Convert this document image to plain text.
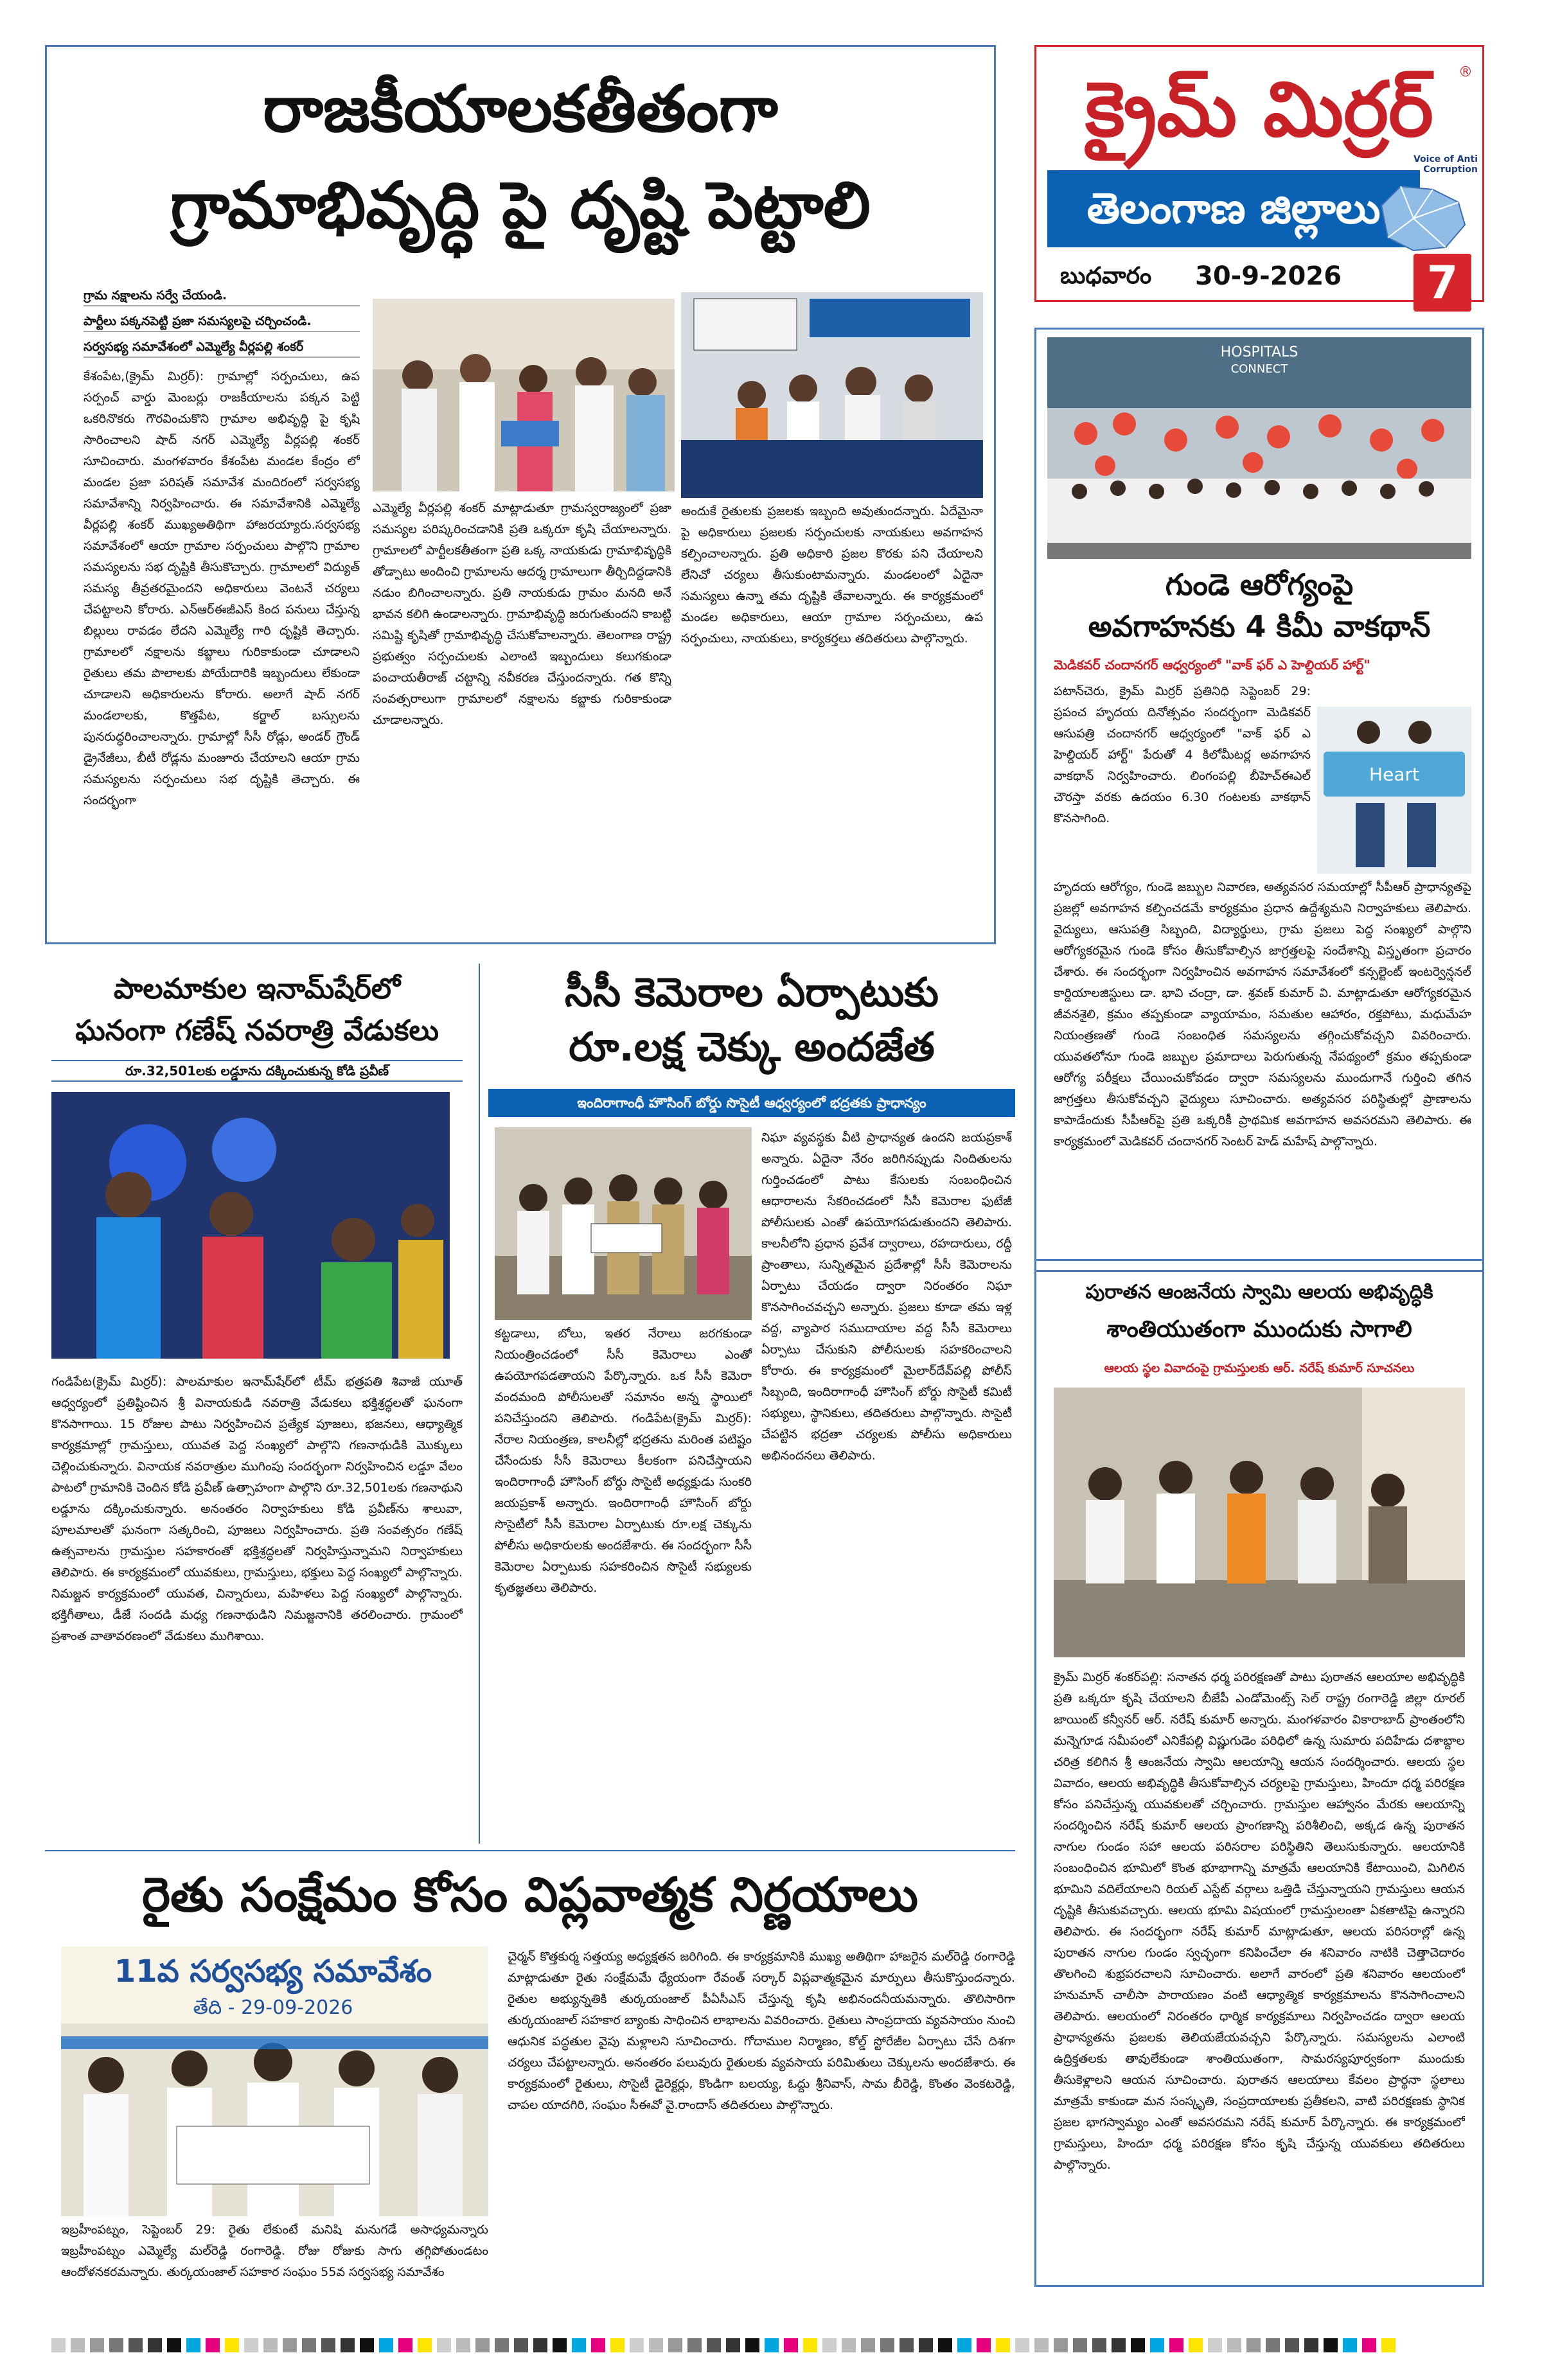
రాజకీయాలకతీతంగా
గ్రామాభివృద్ధి పై దృష్టి పెట్టాలి
గ్రామ నక్షాలను సర్వే చేయండి.
పార్టీలు పక్కనపెట్టి ప్రజా సమస్యలపై చర్చించండి.
సర్వసభ్య సమావేశంలో ఎమ్మెల్యే వీర్లపల్లి శంకర్
కేశంపేట,(క్రైమ్ మిర్రర్): గ్రామాల్లో సర్పంచులు, ఉప సర్పంచ్ వార్డు మెంబర్లు రాజకీయాలను పక్కన పెట్టి ఒకరినొకరు గౌరవించుకొని గ్రామాల అభివృద్ధి పై కృషి సారించాలని షాద్ నగర్ ఎమ్మెల్యే వీర్లపల్లి శంకర్ సూచించారు. మంగళవారం కేశంపేట మండల కేంద్రం లో మండల ప్రజా పరిషత్ సమావేశ మందిరంలో సర్వసభ్య సమావేశాన్ని నిర్వహించారు. ఈ సమావేశానికి ఎమ్మెల్యే వీర్లపల్లి శంకర్ ముఖ్యఅతిథిగా హాజరయ్యారు.సర్వసభ్య సమావేశంలో ఆయా గ్రామాల సర్పంచులు పాల్గొని గ్రామాల సమస్యలను సభ దృష్టికి తీసుకొచ్చారు. గ్రామాలలో విద్యుత్ సమస్య తీవ్రతరమైందని అధికారులు వెంటనే చర్యలు చేపట్టాలని కోరారు. ఎన్ఆర్ఈజీఎస్ కింద పనులు చేస్తున్న బిల్లులు రావడం లేదని ఎమ్మెల్యే గారి దృష్టికి తెచ్చారు. గ్రామాలలో నక్షాలను కబ్జాలు గురికాకుండా చూడాలని రైతులు తమ పొలాలకు పోయేదారికి ఇబ్బందులు లేకుండా చూడాలని అధికారులను కోరారు. అలాగే షాద్ నగర్ మండలాలకు, కొత్తపేట, కర్జాల్ బస్సులను పునరుద్ధరించాలన్నారు. గ్రామాల్లో సీసీ రోడ్లు, అండర్ గ్రౌండ్ డ్రైనేజీలు, బీటీ రోడ్లను మంజూరు చేయాలని ఆయా గ్రామ సమస్యలను సర్పంచులు సభ దృష్టికి తెచ్చారు. ఈ సందర్భంగా
ఎమ్మెల్యే వీర్లపల్లి శంకర్ మాట్లాడుతూ గ్రామస్వరాజ్యంలో ప్రజా సమస్యల పరిష్కరించడానికి ప్రతి ఒక్కరూ కృషి చేయాలన్నారు. గ్రామాలలో పార్టీలకతీతంగా ప్రతి ఒక్క నాయకుడు గ్రామాభివృద్ధికి తోడ్పాటు అందించి గ్రామాలను ఆదర్శ గ్రామాలుగా తీర్చిదిద్దడానికి నడుం బిగించాలన్నారు. ప్రతి నాయకుడు గ్రామం మనది అనే భావన కలిగి ఉండాలన్నారు. గ్రామాభివృద్ధి జరుగుతుందని కాబట్టి సమిష్టి కృషితో గ్రామాభివృద్ధి చేసుకోవాలన్నారు. తెలంగాణ రాష్ట్ర ప్రభుత్వం సర్పంచులకు ఎలాంటి ఇబ్బందులు కలుగకుండా పంచాయతీరాజ్ చట్టాన్ని నవీకరణ చేస్తుందన్నారు. గత కొన్ని సంవత్సరాలుగా గ్రామాలలో నక్షాలను కబ్జాకు గురికాకుండా చూడాలన్నారు.
అందుకే రైతులకు ప్రజలకు ఇబ్బంది అవుతుందన్నారు. ఏదేమైనా పై అధికారులు ప్రజలకు సర్పంచులకు నాయకులు అవగాహన కల్పించాలన్నారు. ప్రతి అధికారి ప్రజల కొరకు పని చేయాలని లేనిచో చర్యలు తీసుకుంటామన్నారు. మండలంలో ఏదైనా సమస్యలు ఉన్నా తమ దృష్టికి తేవాలన్నారు. ఈ కార్యక్రమంలో మండల అధికారులు, ఆయా గ్రామాల సర్పంచులు, ఉప సర్పంచులు, నాయకులు, కార్యకర్తలు తదితరులు పాల్గొన్నారు.
క్రైమ్ మిర్రర్	®
Voice of Anti Corruption
తెలంగాణ జిల్లాలు
బుధవారం	30-9-2026	7
HOSPITALS
CONNECT
గుండె ఆరోగ్యంపై
అవగాహనకు 4 కిమీ వాకథాన్
మెడికవర్ చందానగర్ ఆధ్వర్యంలో "వాక్ ఫర్ ఎ హెల్దియర్ హార్ట్"
పటాన్‌చెరు, క్రైమ్ మిర్రర్ ప్రతినిధి సెప్టెంబర్ 29: ప్రపంచ హృదయ దినోత్సవం సందర్భంగా మెడికవర్ ఆసుపత్రి చందానగర్ ఆధ్వర్యంలో "వాక్ ఫర్ ఎ హెల్దియర్ హార్ట్" పేరుతో 4 కిలోమీటర్ల అవగాహన వాకథాన్ నిర్వహించారు. లింగంపల్లి బీహెచ్ఈఎల్ చౌరస్తా వరకు ఉదయం 6.30 గంటలకు వాకథాన్ కొనసాగింది.
Heart
హృదయ ఆరోగ్యం, గుండె జబ్బుల నివారణ, అత్యవసర సమయాల్లో సీపీఆర్ ప్రాధాన్యతపై ప్రజల్లో అవగాహన కల్పించడమే కార్యక్రమం ప్రధాన ఉద్దేశ్యమని నిర్వాహకులు తెలిపారు. వైద్యులు, ఆసుపత్రి సిబ్బంది, విద్యార్థులు, గ్రామ ప్రజలు పెద్ద సంఖ్యలో పాల్గొని ఆరోగ్యకరమైన గుండె కోసం తీసుకోవాల్సిన జాగ్రత్తలపై సందేశాన్ని విస్తృతంగా ప్రచారం చేశారు. ఈ సందర్భంగా నిర్వహించిన అవగాహన సమావేశంలో కన్సల్టెంట్ ఇంటర్వెన్షనల్ కార్డియాలజిస్టులు డా. భావి చంద్రా, డా. శ్రవణ్ కుమార్ వి. మాట్లాడుతూ ఆరోగ్యకరమైన జీవనశైలి, క్రమం తప్పకుండా వ్యాయామం, సమతుల ఆహారం, రక్తపోటు, మధుమేహ నియంత్రణతో గుండె సంబంధిత సమస్యలను తగ్గించుకోవచ్చని వివరించారు. యువతలోనూ గుండె జబ్బుల ప్రమాదాలు పెరుగుతున్న నేపథ్యంలో క్రమం తప్పకుండా ఆరోగ్య పరీక్షలు చేయించుకోవడం ద్వారా సమస్యలను ముందుగానే గుర్తించి తగిన జాగ్రత్తలు తీసుకోవచ్చని వైద్యులు సూచించారు. అత్యవసర పరిస్థితుల్లో ప్రాణాలను కాపాడేందుకు సీపీఆర్‌పై ప్రతి ఒక్కరికీ ప్రాథమిక అవగాహన అవసరమని తెలిపారు. ఈ కార్యక్రమంలో మెడికవర్ చందానగర్ సెంటర్ హెడ్ మహేష్ పాల్గొన్నారు.
పురాతన ఆంజనేయ స్వామి ఆలయ అభివృద్ధికి
శాంతియుతంగా ముందుకు సాగాలి
ఆలయ స్థల వివాదంపై గ్రామస్తులకు ఆర్. నరేష్ కుమార్ సూచనలు
క్రైమ్ మిర్రర్ శంకర్‌పల్లి: సనాతన ధర్మ పరిరక్షణతో పాటు పురాతన ఆలయాల అభివృద్ధికి ప్రతి ఒక్కరూ కృషి చేయాలని బీజేపీ ఎండోమెంట్స్ సెల్ రాష్ట్ర రంగారెడ్డి జిల్లా రూరల్ జాయింట్ కన్వీనర్ ఆర్. నరేష్ కుమార్ అన్నారు. మంగళవారం వికారాబాద్ ప్రాంతంలోని మన్నెగూడ సమీపంలో ఎనికేపల్లి విష్ణుగుడెం పరిధిలో ఉన్న సుమారు పదిహేడు దశాబ్దాల చరిత్ర కలిగిన శ్రీ ఆంజనేయ స్వామి ఆలయాన్ని ఆయన సందర్శించారు. ఆలయ స్థల వివాదం, ఆలయ అభివృద్ధికి తీసుకోవాల్సిన చర్యలపై గ్రామస్తులు, హిందూ ధర్మ పరిరక్షణ కోసం పనిచేస్తున్న యువకులతో చర్చించారు. గ్రామస్తుల ఆహ్వానం మేరకు ఆలయాన్ని సందర్శించిన నరేష్ కుమార్ ఆలయ ప్రాంగణాన్ని పరిశీలించి, అక్కడ ఉన్న పురాతన నాగుల గుండం సహా ఆలయ పరిసరాల పరిస్థితిని తెలుసుకున్నారు. ఆలయానికి సంబంధించిన భూమిలో కొంత భూభాగాన్ని మాత్రమే ఆలయానికి కేటాయించి, మిగిలిన భూమిని వదిలేయాలని రియల్ ఎస్టేట్ వర్గాలు ఒత్తిడి చేస్తున్నాయని గ్రామస్తులు ఆయన దృష్టికి తీసుకువచ్చారు. ఆలయ భూమి విషయంలో గ్రామస్తులంతా ఏకతాటిపై ఉన్నారని తెలిపారు. ఈ సందర్భంగా నరేష్ కుమార్ మాట్లాడుతూ, ఆలయ పరిసరాల్లో ఉన్న పురాతన నాగుల గుండం స్వచ్ఛంగా కనిపించేలా ఈ శనివారం నాటికి చెత్తాచెదారం తొలగించి శుభ్రపరచాలని సూచించారు. అలాగే వారంలో ప్రతి శనివారం ఆలయంలో హనుమాన్ చాలీసా పారాయణం వంటి ఆధ్యాత్మిక కార్యక్రమాలను కొనసాగించాలని తెలిపారు. ఆలయంలో నిరంతరం ధార్మిక కార్యక్రమాలు నిర్వహించడం ద్వారా ఆలయ ప్రాధాన్యతను ప్రజలకు తెలియజేయవచ్చని పేర్కొన్నారు. సమస్యలను ఎలాంటి ఉద్రిక్తతలకు తావులేకుండా శాంతియుతంగా, సామరస్యపూర్వకంగా ముందుకు తీసుకెళ్లాలని ఆయన సూచించారు. పురాతన ఆలయాలు కేవలం ప్రార్థనా స్థలాలు మాత్రమే కాకుండా మన సంస్కృతి, సంప్రదాయాలకు ప్రతీకలని, వాటి పరిరక్షణకు స్థానిక ప్రజల భాగస్వామ్యం ఎంతో అవసరమని నరేష్ కుమార్ పేర్కొన్నారు. ఈ కార్యక్రమంలో గ్రామస్తులు, హిందూ ధర్మ పరిరక్షణ కోసం కృషి చేస్తున్న యువకులు తదితరులు పాల్గొన్నారు.
పాలమాకుల ఇనామ్‌షేర్‌లో
ఘనంగా గణేష్ నవరాత్రి వేడుకలు
రూ.32,501లకు లడ్డూను దక్కించుకున్న కోడి ప్రవీణ్
గండిపేట(క్రైమ్ మిర్రర్): పాలమాకుల ఇనామ్‌షేర్‌లో టీమ్ భత్రపతి శివాజీ యూత్ ఆధ్వర్యంలో ప్రతిష్టించిన శ్రీ వినాయకుడి నవరాత్రి వేడుకలు భక్తిశ్రద్ధలతో ఘనంగా కొనసాగాయి. 15 రోజుల పాటు నిర్వహించిన ప్రత్యేక పూజలు, భజనలు, ఆధ్యాత్మిక కార్యక్రమాల్లో గ్రామస్తులు, యువత పెద్ద సంఖ్యలో పాల్గొని గణనాథుడికి మొక్కులు చెల్లించుకున్నారు. వినాయక నవరాత్రుల ముగింపు సందర్భంగా నిర్వహించిన లడ్డూ వేలం పాటలో గ్రామానికి చెందిన కోడి ప్రవీణ్ ఉత్సాహంగా పాల్గొని రూ.32,501లకు గణనాథుని లడ్డూను దక్కించుకున్నారు. అనంతరం నిర్వాహకులు కోడి ప్రవీణ్‌ను శాలువా, పూలమాలతో ఘనంగా సత్కరించి, పూజలు నిర్వహించారు. ప్రతి సంవత్సరం గణేష్ ఉత్సవాలను గ్రామస్తుల సహకారంతో భక్తిశ్రద్ధలతో నిర్వహిస్తున్నామని నిర్వాహకులు తెలిపారు. ఈ కార్యక్రమంలో యువకులు, గ్రామస్తులు, భక్తులు పెద్ద సంఖ్యలో పాల్గొన్నారు. నిమజ్జన కార్యక్రమంలో యువత, చిన్నారులు, మహిళలు పెద్ద సంఖ్యలో పాల్గొన్నారు. భక్తిగీతాలు, డీజే సందడి మధ్య గణనాథుడిని నిమజ్జనానికి తరలించారు. గ్రామంలో ప్రశాంత వాతావరణంలో వేడుకలు ముగిశాయి.
సీసీ కెమెరాల ఏర్పాటుకు
రూ.లక్ష చెక్కు అందజేత
ఇందిరాగాంధీ హౌసింగ్ బోర్డు సొసైటీ ఆధ్వర్యంలో భద్రతకు ప్రాధాన్యం
కట్టడాలు, బోలు, ఇతర నేరాలు జరగకుండా నియంత్రించడంలో సీసీ కెమెరాలు ఎంతో ఉపయోగపడతాయని పేర్కొన్నారు. ఒక సీసీ కెమెరా వందమంది పోలీసులతో సమానం అన్న స్థాయిలో పనిచేస్తుందని తెలిపారు. గండిపేట(క్రైమ్ మిర్రర్): నేరాల నియంత్రణ, కాలనీల్లో భద్రతను మరింత పటిష్టం చేసేందుకు సీసీ కెమెరాలు కీలకంగా పనిచేస్తాయని ఇందిరాగాంధీ హౌసింగ్ బోర్డు సొసైటీ అధ్యక్షుడు సుంకరి జయప్రకాశ్ అన్నారు. ఇందిరాగాంధీ హౌసింగ్ బోర్డు సొసైటీలో సీసీ కెమెరాల ఏర్పాటుకు రూ.లక్ష చెక్కును పోలీసు అధికారులకు అందజేశారు. ఈ సందర్భంగా సీసీ కెమెరాల ఏర్పాటుకు సహకరించిన సొసైటీ సభ్యులకు కృతజ్ఞతలు తెలిపారు.
నిఘా వ్యవస్థకు వీటి ప్రాధాన్యత ఉందని జయప్రకాశ్ అన్నారు. ఏదైనా నేరం జరిగినప్పుడు నిందితులను గుర్తించడంలో పాటు కేసులకు సంబంధించిన ఆధారాలను సేకరించడంలో సీసీ కెమెరాల ఫుటేజీ పోలీసులకు ఎంతో ఉపయోగపడుతుందని తెలిపారు. కాలనీలోని ప్రధాన ప్రవేశ ద్వారాలు, రహదారులు, రద్దీ ప్రాంతాలు, సున్నితమైన ప్రదేశాల్లో సీసీ కెమెరాలను ఏర్పాటు చేయడం ద్వారా నిరంతరం నిఘా కొనసాగించవచ్చని అన్నారు. ప్రజలు కూడా తమ ఇళ్ల వద్ద, వ్యాపార సముదాయాల వద్ద సీసీ కెమెరాలు ఏర్పాటు చేసుకుని పోలీసులకు సహకరించాలని కోరారు. ఈ కార్యక్రమంలో మైలార్‌దేవ్‌పల్లి పోలీస్ సిబ్బంది, ఇందిరాగాంధీ హౌసింగ్ బోర్డు సొసైటీ కమిటీ సభ్యులు, స్థానికులు, తదితరులు పాల్గొన్నారు. సొసైటీ చేపట్టిన భద్రతా చర్యలకు పోలీసు అధికారులు అభినందనలు తెలిపారు.
రైతు సంక్షేమం కోసం విప్లవాత్మక నిర్ణయాలు
11వ సర్వసభ్య సమావేశం
తేది - 29-09-2026
ఇబ్రహీంపట్నం, సెప్టెంబర్ 29: రైతు లేకుంటే మనిషి మనుగడే అసాధ్యమన్నారు ఇబ్రహీంపట్నం ఎమ్మెల్యే మల్‌రెడ్డి రంగారెడ్డి. రోజు రోజుకు సాగు తగ్గిపోతుండటం ఆందోళనకరమన్నారు. తుర్కయంజాల్ సహకార సంఘం 55వ సర్వసభ్య సమావేశం
చైర్మన్ కొత్తకుర్మ సత్తయ్య అధ్యక్షతన జరిగింది. ఈ కార్యక్రమానికి ముఖ్య అతిథిగా హాజరైన మల్‌రెడ్డి రంగారెడ్డి మాట్లాడుతూ రైతు సంక్షేమమే ధ్యేయంగా రేవంత్ సర్కార్ విప్లవాత్మకమైన మార్పులు తీసుకొస్తుందన్నారు. రైతుల అభ్యున్నతికి తుర్కయంజాల్ పీఏసీఎస్ చేస్తున్న కృషి అభినందనీయమన్నారు. తొలిసారిగా తుర్కయంజాల్ సహకార బ్యాంకు సాధించిన లాభాలను వివరించారు. రైతులు సాంప్రదాయ వ్యవసాయం నుంచి ఆధునిక పద్ధతుల వైపు మళ్లాలని సూచించారు. గోదాముల నిర్మాణం, కోల్డ్ స్టోరేజీల ఏర్పాటు చేసే దిశగా చర్యలు చేపట్టాలన్నారు. అనంతరం పలువురు రైతులకు వ్యవసాయ పరిమితులు చెక్కులను అందజేశారు. ఈ కార్యక్రమంలో రైతులు, సొసైటీ డైరెక్టర్లు, కొండిగా బలయ్య, ఓద్దు శ్రీనివాస్, సామ బీరెడ్డి, కొంతం వెంకటరెడ్డి, చాపల యాదగిరి, సంఘం సీఈవో వై.రాందాస్ తదితరులు పాల్గొన్నారు.
